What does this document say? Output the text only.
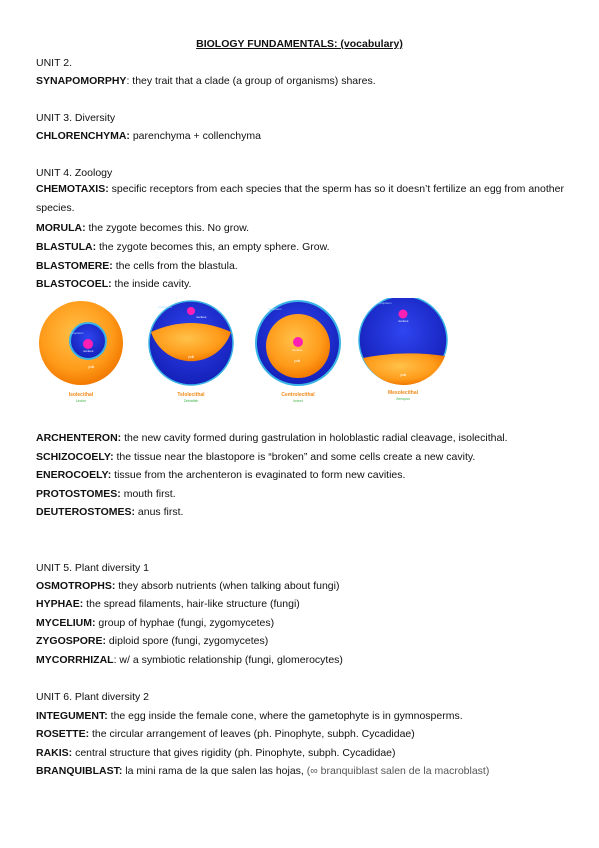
BIOLOGY FUNDAMENTALS: (vocabulary)
UNIT 2.
SYNAPOMORPHY: they trait that a clade (a group of organisms) shares.
UNIT 3. Diversity
CHLORENCHYMA: parenchyma + collenchyma
UNIT 4. Zoology
CHEMOTAXIS: specific receptors from each species that the sperm has so it doesn’t fertilize an egg from another species.
MORULA: the zygote becomes this. No grow.
BLASTULA: the zygote becomes this, an empty sphere. Grow.
BLASTOMERE: the cells from the blastula.
BLASTOCOEL: the inside cavity.
cytoplasm
nucleus
yolk
Isolecithal
Urchin
cytoplasm
nucleus
yolk
Telolecithal
Zebrafish
cytoplasm
nucleus
yolk
Centrolecithal
Insect
cytoplasm
nucleus
yolk
Mesolecithal
Xenopus
ARCHENTERON: the new cavity formed during gastrulation in holoblastic radial cleavage, isolecithal.
SCHIZOCOELY: the tissue near the blastopore is “broken” and some cells create a new cavity.
ENEROCOELY: tissue from the archenteron is evaginated to form new cavities.
PROTOSTOMES: mouth first.
DEUTEROSTOMES: anus first.
UNIT 5. Plant diversity 1
OSMOTROPHS: they absorb nutrients (when talking about fungi)
HYPHAE: the spread filaments, hair-like structure (fungi)
MYCELIUM: group of hyphae (fungi, zygomycetes)
ZYGOSPORE: diploid spore (fungi, zygomycetes)
MYCORRHIZAL: w/ a symbiotic relationship (fungi, glomerocytes)
UNIT 6. Plant diversity 2
INTEGUMENT: the egg inside the female cone, where the gametophyte is in gymnosperms.
ROSETTE: the circular arrangement of leaves (ph. Pinophyte, subph. Cycadidae)
RAKIS: central structure that gives rigidity (ph. Pinophyte, subph. Cycadidae)
BRANQUIBLAST: la mini rama de la que salen las hojas, (∞ branquiblast salen de la macroblast)
